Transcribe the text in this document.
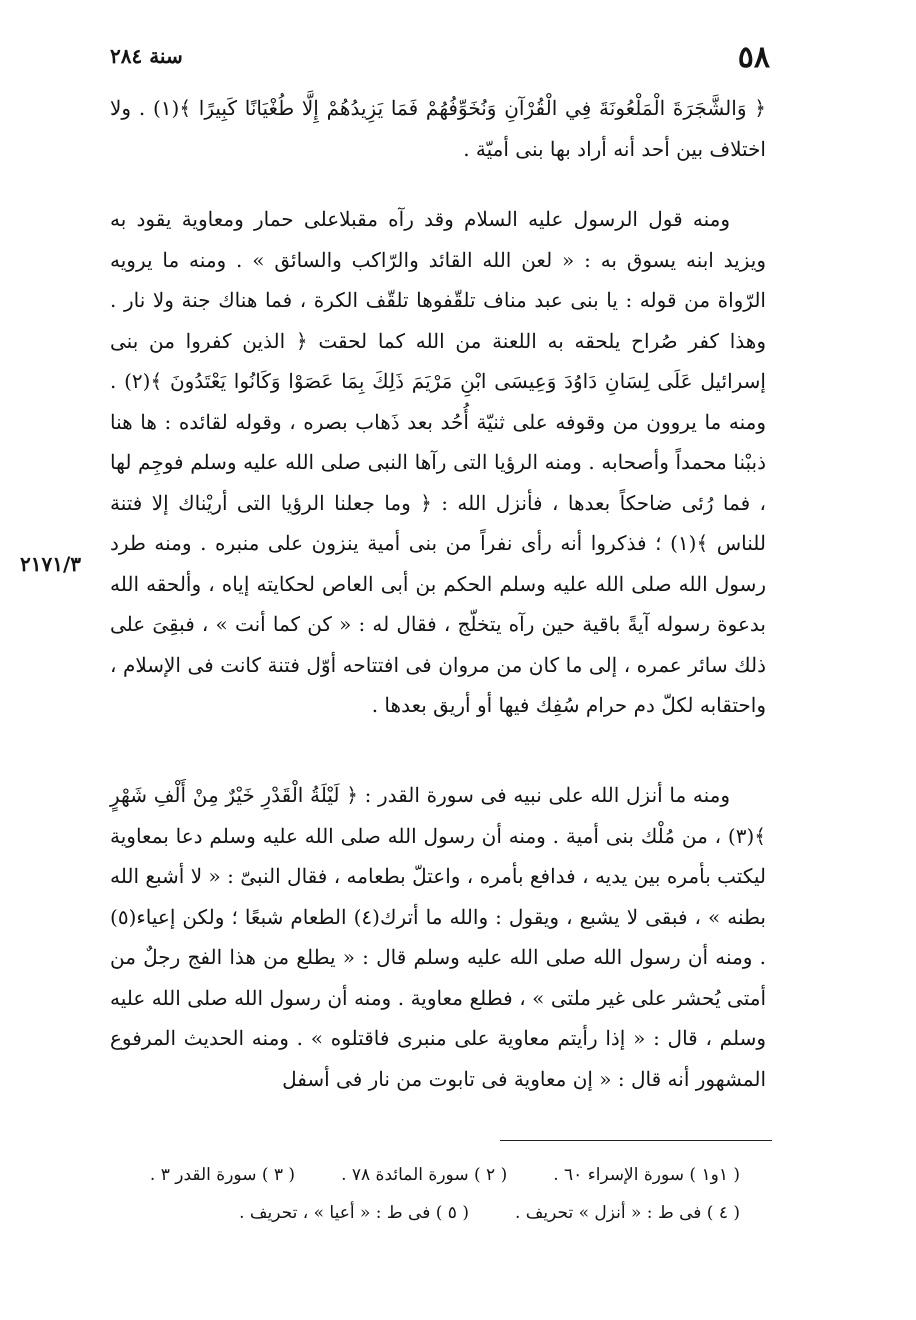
٥٨
سنة ٢٨٤

﴿ وَالشَّجَرَةَ الْمَلْعُونَةَ فِي الْقُرْآنِ وَنُخَوِّفُهُمْ فَمَا يَزِيدُهُمْ إِلَّا طُغْيَانًا كَبِيرًا ﴾(١) . ولا اختلاف بين أحد أنه أراد بها بنى أميّة .

ومنه قول الرسول عليه السلام وقد رآه مقبلاعلى حمار ومعاوية يقود به ويزيد ابنه يسوق به : « لعن الله القائد والرّاكب والسائق » . ومنه ما يرويه الرّواة من قوله : يا بنى عبد مناف تلقّفوها تلقّف الكرة ، فما هناك جنة ولا نار . وهذا كفر صُراح يلحقه به اللعنة من الله كما لحقت ﴿ الذين كفروا من بنى إسرائيل عَلَى لِسَانِ دَاوُدَ وَعِيسَى ابْنِ مَرْيَمَ ذَلِكَ بِمَا عَصَوْا وَكَانُوا يَعْتَدُونَ ﴾(٢) . ومنه ما يروون من وقوفه على ثنيّة أُحُد بعد ذَهاب بصره ، وقوله لقائده : ها هنا ذببْنا محمداً وأصحابه . ومنه الرؤيا التى رآها النبى صلى الله عليه وسلم فوجِم لها ، فما رُئى ضاحكاً بعدها ، فأنزل الله : ﴿ وما جعلنا الرؤيا التى أريْناك إلا فتنة للناس ﴾(١) ؛ فذكروا أنه رأى نفراً من بنى أمية ينزون على منبره . ومنه طرد رسول الله صلى الله عليه وسلم الحكم بن أبى العاص لحكايته إياه ، وألحقه الله بدعوة رسوله آيةً باقية حين رآه يتخلّج ، فقال له : « كن كما أنت » ، فبقِىَ على ذلك سائر عمره ، إلى ما كان من مروان فى افتتاحه أوّل فتنة كانت فى الإسلام ، واحتقابه لكلّ دم حرام سُفِك فيها أو أريق بعدها .

٢١٧١/٣

ومنه ما أنزل الله على نبيه فى سورة القدر : ﴿ لَيْلَةُ الْقَدْرِ خَيْرٌ مِنْ أَلْفِ شَهْرٍ ﴾(٣) ، من مُلْك بنى أمية . ومنه أن رسول الله صلى الله عليه وسلم دعا بمعاوية ليكتب بأمره بين يديه ، فدافع بأمره ، واعتلّ بطعامه ، فقال النبىّ : « لا أشبع الله بطنه » ، فبقى لا يشبع ، ويقول : والله ما أترك(٤) الطعام شبعًا ؛ ولكن إعياء(٥) . ومنه أن رسول الله صلى الله عليه وسلم قال : « يطلع من هذا الفج رجلٌ من أمتى يُحشر على غير ملتى » ، فطلع معاوية . ومنه أن رسول الله صلى الله عليه وسلم ، قال : « إذا رأيتم معاوية على منبرى فاقتلوه » . ومنه الحديث المرفوع المشهور أنه قال : « إن معاوية فى تابوت من نار فى أسفل

( ١و١ ) سورة الإسراء ٦٠ .
( ٢ ) سورة المائدة ٧٨ .
( ٣ ) سورة القدر ٣ .
( ٤ ) فى ط : « أنزل » تحريف .
( ٥ ) فى ط : « أعيا » ، تحريف .
